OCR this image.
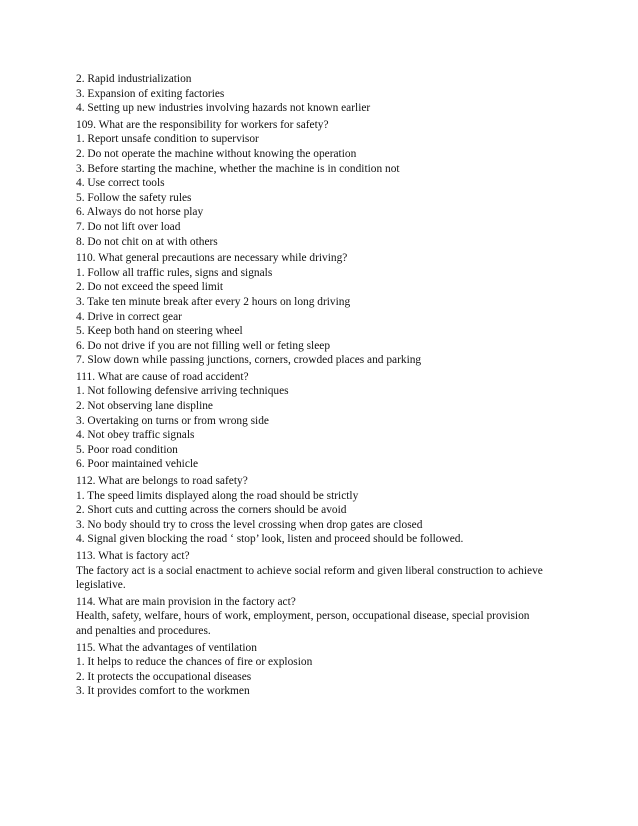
2. Rapid industrialization
3. Expansion of exiting factories
4. Setting up new industries involving hazards not known earlier
109. What are the responsibility for workers for safety?
1. Report unsafe condition to supervisor
2. Do not operate the machine without knowing the operation
3. Before starting the machine, whether the machine is in condition not
4. Use correct tools
5. Follow the safety rules
6. Always do not horse play
7. Do not lift over load
8. Do not chit on at with others
110. What general precautions are necessary while driving?
1. Follow all traffic rules, signs and signals
2. Do not exceed the speed limit
3. Take ten minute break after every 2 hours on long driving
4. Drive in correct gear
5. Keep both hand on steering wheel
6. Do not drive if you are not filling well or feting sleep
7. Slow down while passing junctions, corners, crowded places and parking
111. What are cause of road accident?
1. Not following defensive arriving techniques
2. Not observing lane displine
3. Overtaking on turns or from wrong side
4. Not obey traffic signals
5. Poor road condition
6. Poor maintained vehicle
112. What are belongs to road safety?
1. The speed limits displayed along the road should be strictly
2. Short cuts and cutting across the corners should be avoid
3. No body should try to cross the level crossing when drop gates are closed
4. Signal given blocking the road ‘ stop’ look, listen and proceed should be followed.
113. What is factory act?
The factory act is a social enactment to achieve social reform and given liberal construction to achieve legislative.
114. What are main provision in the factory act?
Health, safety, welfare, hours of work, employment, person, occupational disease, special provision and penalties and procedures.
115. What the advantages of ventilation
1. It helps to reduce the chances of fire or explosion
2. It protects the occupational diseases
3. It provides comfort to the workmen
